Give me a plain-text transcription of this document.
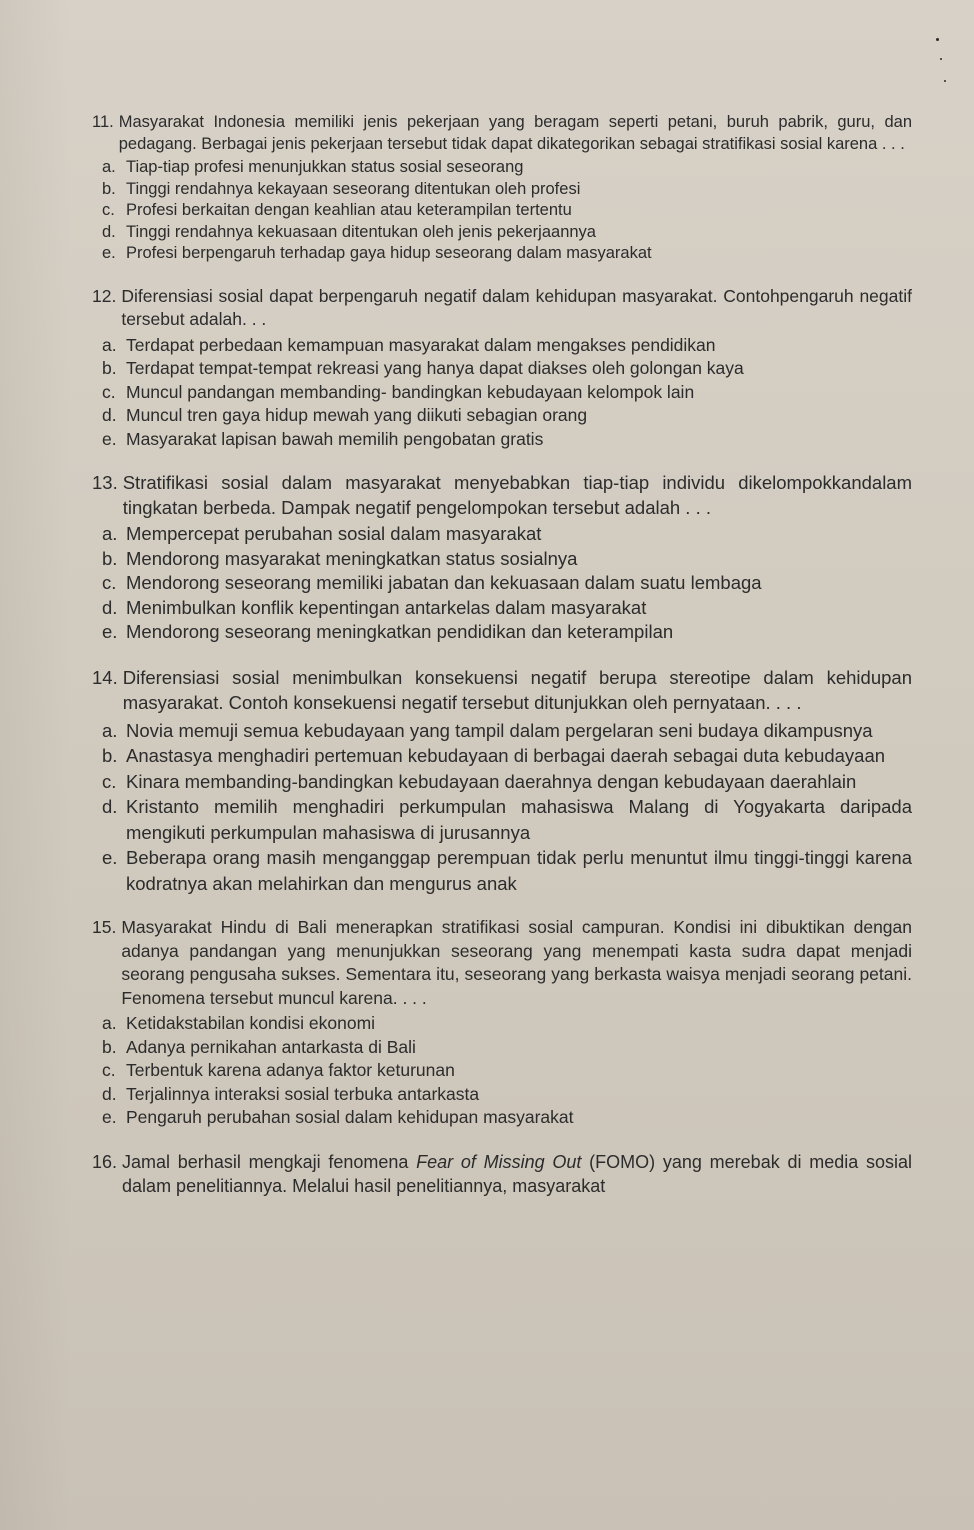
11. Masyarakat Indonesia memiliki jenis pekerjaan yang beragam seperti petani, buruh pabrik, guru, dan pedagang. Berbagai jenis pekerjaan tersebut tidak dapat dikategorikan sebagai stratifikasi sosial karena . . .
a. Tiap-tiap profesi menunjukkan status sosial seseorang
b. Tinggi rendahnya kekayaan seseorang ditentukan oleh profesi
c. Profesi berkaitan dengan keahlian atau keterampilan tertentu
d. Tinggi rendahnya kekuasaan ditentukan oleh jenis pekerjaannya
e. Profesi berpengaruh terhadap gaya hidup seseorang dalam masyarakat
12. Diferensiasi sosial dapat berpengaruh negatif dalam kehidupan masyarakat. Contohpengaruh negatif tersebut adalah. . .
a. Terdapat perbedaan kemampuan masyarakat dalam mengakses pendidikan
b. Terdapat tempat-tempat rekreasi yang hanya dapat diakses oleh golongan kaya
c. Muncul pandangan membanding- bandingkan kebudayaan kelompok lain
d. Muncul tren gaya hidup mewah yang diikuti sebagian orang
e. Masyarakat lapisan bawah memilih pengobatan gratis
13. Stratifikasi sosial dalam masyarakat menyebabkan tiap-tiap individu dikelompokkandalam tingkatan berbeda. Dampak negatif pengelompokan tersebut adalah . . .
a. Mempercepat perubahan sosial dalam masyarakat
b. Mendorong masyarakat meningkatkan status sosialnya
c. Mendorong seseorang memiliki jabatan dan kekuasaan dalam suatu lembaga
d. Menimbulkan konflik kepentingan antarkelas dalam masyarakat
e. Mendorong seseorang meningkatkan pendidikan dan keterampilan
14. Diferensiasi sosial menimbulkan konsekuensi negatif berupa stereotipe dalam kehidupan masyarakat. Contoh konsekuensi negatif tersebut ditunjukkan oleh pernyataan. . . .
a. Novia memuji semua kebudayaan yang tampil dalam pergelaran seni budaya dikampusnya
b. Anastasya menghadiri pertemuan kebudayaan di berbagai daerah sebagai duta kebudayaan
c. Kinara membanding-bandingkan kebudayaan daerahnya dengan kebudayaan daerahlain
d. Kristanto memilih menghadiri perkumpulan mahasiswa Malang di Yogyakarta daripada mengikuti perkumpulan mahasiswa di jurusannya
e. Beberapa orang masih menganggap perempuan tidak perlu menuntut ilmu tinggi-tinggi karena kodratnya akan melahirkan dan mengurus anak
15. Masyarakat Hindu di Bali menerapkan stratifikasi sosial campuran. Kondisi ini dibuktikan dengan adanya pandangan yang menunjukkan seseorang yang menempati kasta sudra dapat menjadi seorang pengusaha sukses. Sementara itu, seseorang yang berkasta waisya menjadi seorang petani. Fenomena tersebut muncul karena. . . .
a. Ketidakstabilan kondisi ekonomi
b. Adanya pernikahan antarkasta di Bali
c. Terbentuk karena adanya faktor keturunan
d. Terjalinnya interaksi sosial terbuka antarkasta
e. Pengaruh perubahan sosial dalam kehidupan masyarakat
16. Jamal berhasil mengkaji fenomena Fear of Missing Out (FOMO) yang merebak di media sosial dalam penelitiannya. Melalui hasil penelitiannya, masyarakat
